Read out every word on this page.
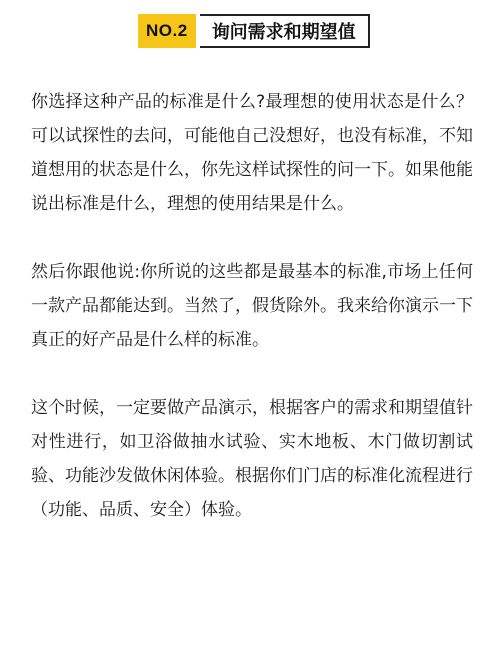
NO.2	询问需求和期望值

你选择这种产品的标准是什么?最理想的使用状态是什么？可以试探性的去问，可能他自己没想好，也没有标准，不知道想用的状态是什么，你先这样试探性的问一下。如果他能说出标准是什么，理想的使用结果是什么。

然后你跟他说:你所说的这些都是最基本的标准,市场上任何一款产品都能达到。当然了，假货除外。我来给你演示一下真正的好产品是什么样的标准。

这个时候，一定要做产品演示，根据客户的需求和期望值针对性进行，如卫浴做抽水试验、实木地板、木门做切割试验、功能沙发做休闲体验。根据你们门店的标准化流程进行（功能、品质、安全）体验。
